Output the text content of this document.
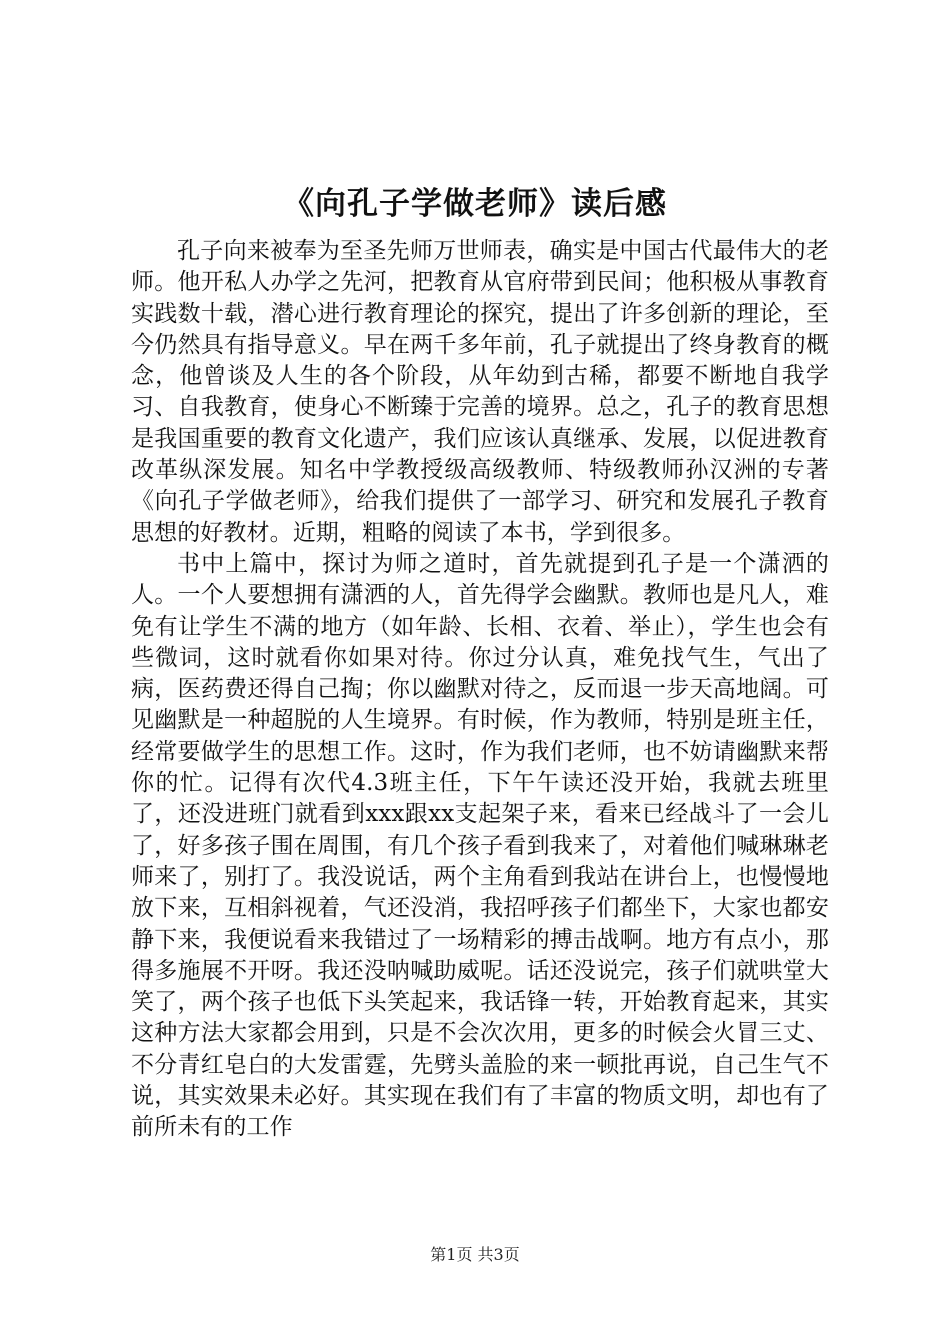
《向孔子学做老师》读后感

孔子向来被奉为至圣先师万世师表，确实是中国古代最伟大的老师。他开私人办学之先河，把教育从官府带到民间；他积极从事教育实践数十载，潜心进行教育理论的探究，提出了许多创新的理论，至今仍然具有指导意义。早在两千多年前，孔子就提出了终身教育的概念，他曾谈及人生的各个阶段，从年幼到古稀，都要不断地自我学习、自我教育，使身心不断臻于完善的境界。总之，孔子的教育思想是我国重要的教育文化遗产，我们应该认真继承、发展，以促进教育改革纵深发展。知名中学教授级高级教师、特级教师孙汉洲的专著《向孔子学做老师》，给我们提供了一部学习、研究和发展孔子教育思想的好教材。近期，粗略的阅读了本书，学到很多。

书中上篇中，探讨为师之道时，首先就提到孔子是一个潇洒的人。一个人要想拥有潇洒的人，首先得学会幽默。教师也是凡人，难免有让学生不满的地方（如年龄、长相、衣着、举止），学生也会有些微词，这时就看你如果对待。你过分认真，难免找气生，气出了病，医药费还得自己掏；你以幽默对待之，反而退一步天高地阔。可见幽默是一种超脱的人生境界。有时候，作为教师，特别是班主任，经常要做学生的思想工作。这时，作为我们老师，也不妨请幽默来帮你的忙。记得有次代4.3班主任，下午午读还没开始，我就去班里了，还没进班门就看到xxx跟xx支起架子来，看来已经战斗了一会儿了，好多孩子围在周围，有几个孩子看到我来了，对着他们喊琳琳老师来了，别打了。我没说话，两个主角看到我站在讲台上，也慢慢地放下来，互相斜视着，气还没消，我招呼孩子们都坐下，大家也都安静下来，我便说看来我错过了一场精彩的搏击战啊。地方有点小，那得多施展不开呀。我还没呐喊助威呢。话还没说完，孩子们就哄堂大笑了，两个孩子也低下头笑起来，我话锋一转，开始教育起来，其实这种方法大家都会用到，只是不会次次用，更多的时候会火冒三丈、不分青红皂白的大发雷霆，先劈头盖脸的来一顿批再说，自己生气不说，其实效果未必好。其实现在我们有了丰富的物质文明，却也有了前所未有的工作

第1页 共3页
